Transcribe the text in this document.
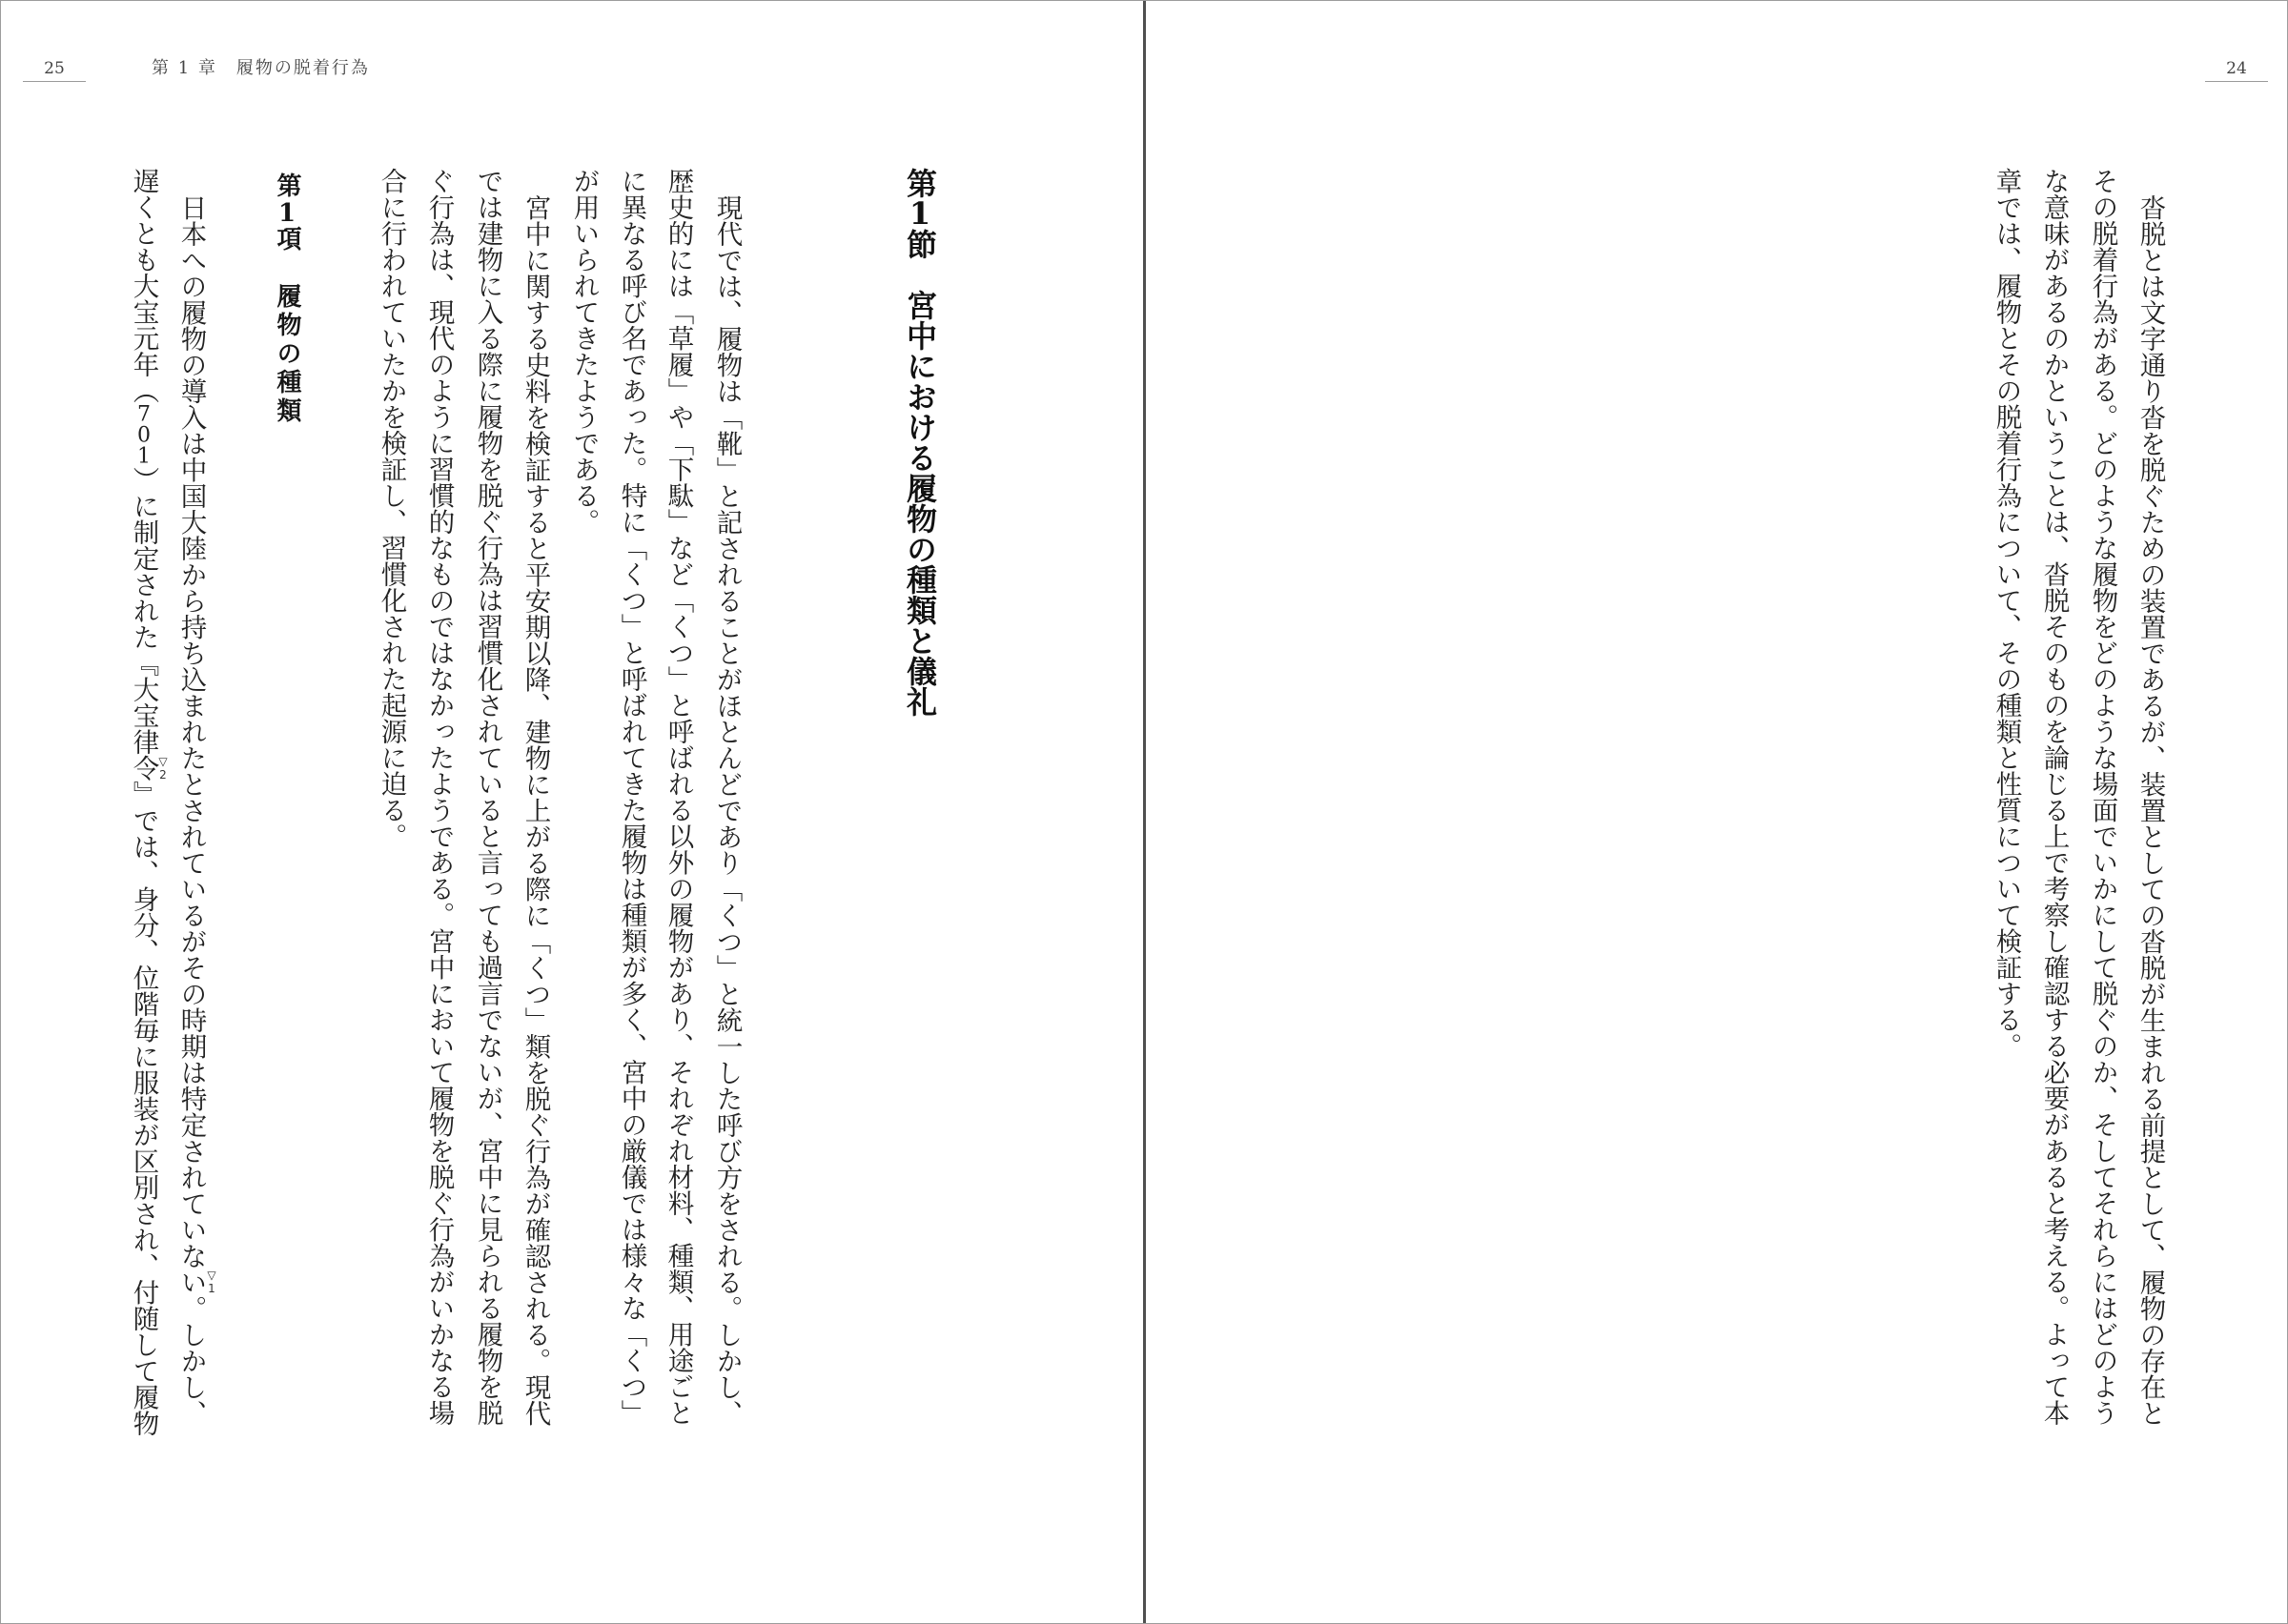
25	第 1 章　履物の脱着行為
第1節　宮中における履物の種類と儀礼
現代では、履物は「靴」と記されることがほとんどであり「くつ」と統一した呼び方をされる。しかし、
歴史的には「草履」や「下駄」など「くつ」と呼ばれる以外の履物があり、それぞれ材料、種類、用途ごと
に異なる呼び名であった。特に「くつ」と呼ばれてきた履物は種類が多く、宮中の厳儀では様々な「くつ」
が用いられてきたようである。
宮中に関する史料を検証すると平安期以降、建物に上がる際に「くつ」類を脱ぐ行為が確認される。現代
では建物に入る際に履物を脱ぐ行為は習慣化されていると言っても過言でないが、宮中に見られる履物を脱
ぐ行為は、現代のように習慣的なものではなかったようである。宮中において履物を脱ぐ行為がいかなる場
合に行われていたかを検証し、習慣化された起源に迫る。
第1項　履物の種類
日本への履物の導入は中国大陸から持ち込まれたとされているがその時期は特定されていない。しかし、
遅くとも大宝元年（701）に制定された『大宝律令』では、身分、位階毎に服装が区別され、付随して履物	▽1
▽2
24
沓脱とは文字通り沓を脱ぐための装置であるが、装置としての沓脱が生まれる前提として、履物の存在と
その脱着行為がある。どのような履物をどのような場面でいかにして脱ぐのか、そしてそれらにはどのよう
な意味があるのかということは、沓脱そのものを論じる上で考察し確認する必要があると考える。よって本
章では、履物とその脱着行為について、その種類と性質について検証する。
